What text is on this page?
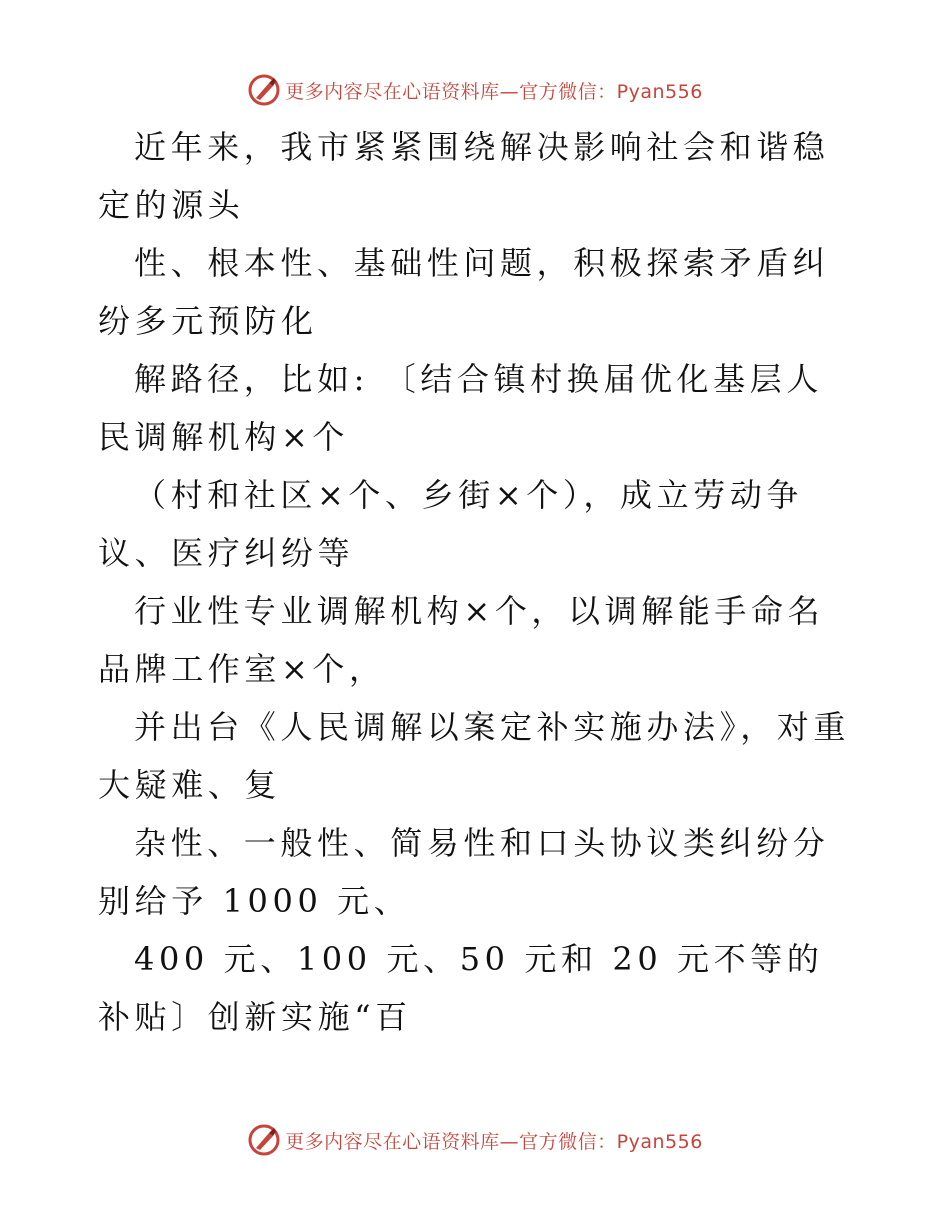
更多内容尽在心语资料库—官方微信：Pyan556

近年来，我市紧紧围绕解决影响社会和谐稳定的源头

性、根本性、基础性问题，积极探索矛盾纠纷多元预防化

解路径，比如: 〔结合镇村换届优化基层人民调解机构×个

（村和社区×个、乡街×个），成立劳动争议、医疗纠纷等

行业性专业调解机构×个，以调解能手命名品牌工作室×个，

并出台《人民调解以案定补实施办法》，对重大疑难、复

杂性、一般性、简易性和口头协议类纠纷分别给予 1000 元、

400 元、100 元、50 元和 20 元不等的补贴〕创新实施“百

更多内容尽在心语资料库—官方微信：Pyan556
